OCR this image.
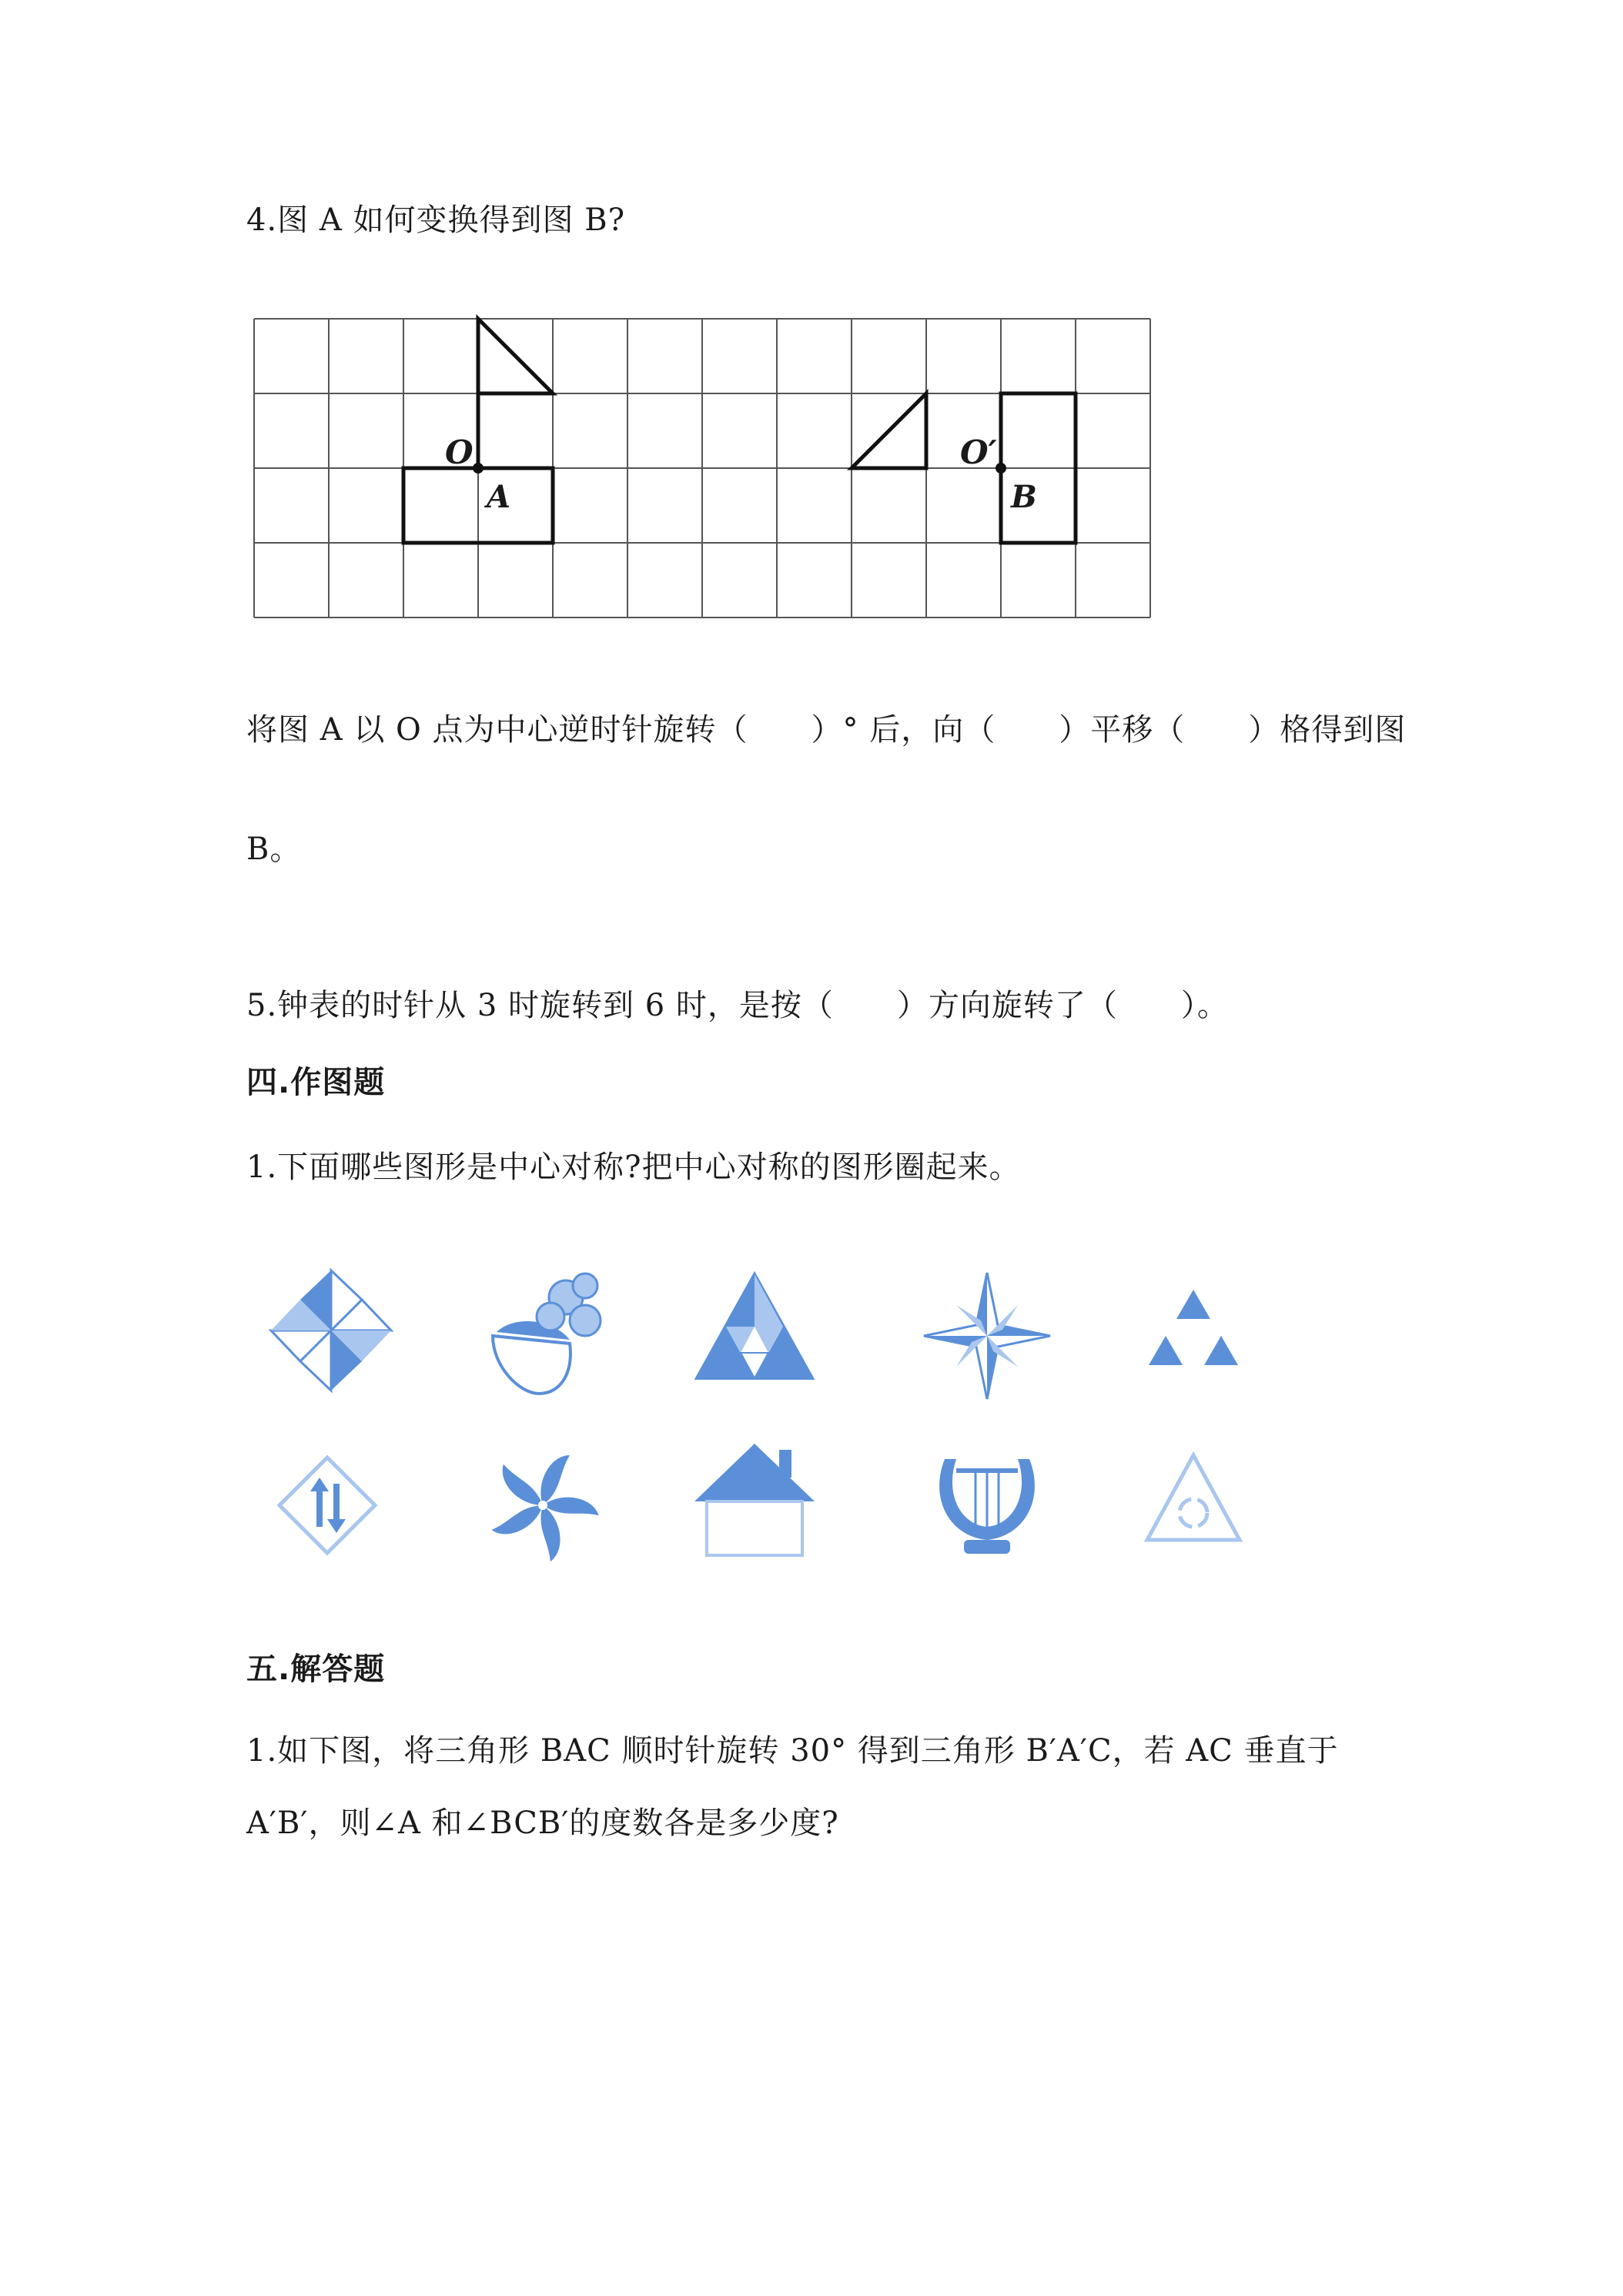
4.图 A 如何变换得到图 B?
O
A
O′
B
将图 A 以 O 点为中心逆时针旋转（　　）° 后，向（　　）平移（　　）格得到图
B。
5.钟表的时针从 3 时旋转到 6 时，是按（　　）方向旋转了（　　）。
四.作图题
1.下面哪些图形是中心对称?把中心对称的图形圈起来。
五.解答题
1.如下图，将三角形 BAC 顺时针旋转 30° 得到三角形 B′A′C，若 AC 垂直于
A′B′，则∠A 和∠BCB′的度数各是多少度?
